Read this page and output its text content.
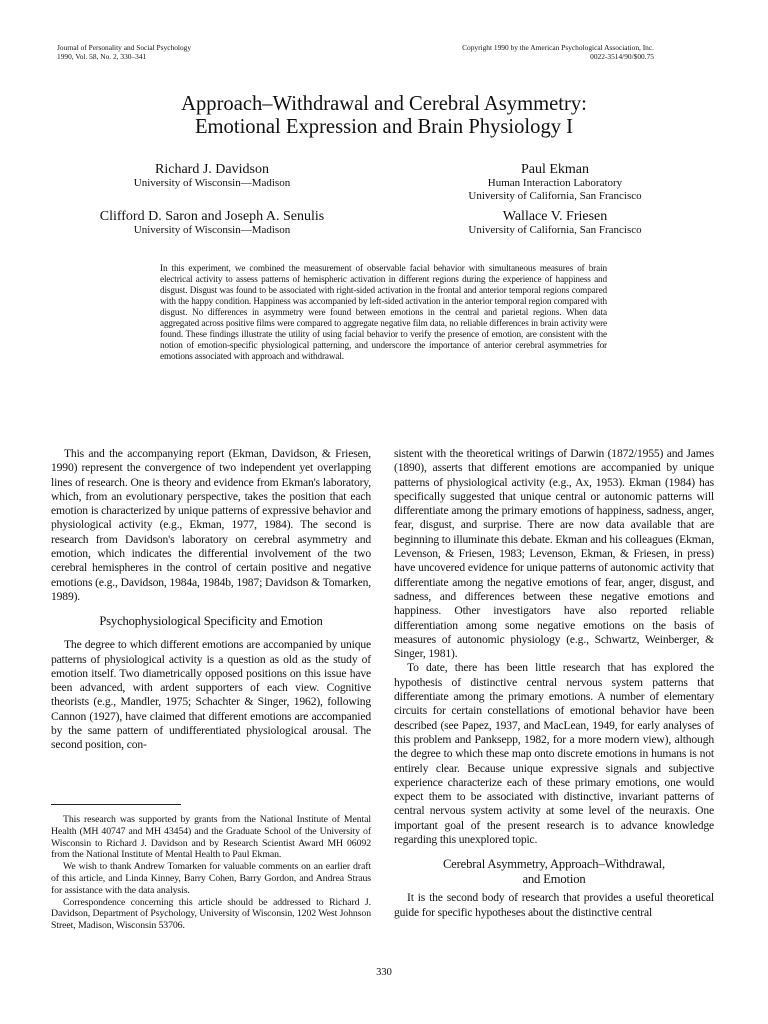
Journal of Personality and Social Psychology
1990, Vol. 58, No. 2, 330–341
Copyright 1990 by the American Psychological Association, Inc.
0022-3514/90/$00.75
Approach–Withdrawal and Cerebral Asymmetry:
Emotional Expression and Brain Physiology I
Richard J. Davidson
University of Wisconsin—Madison
Paul Ekman
Human Interaction Laboratory
University of California, San Francisco
Clifford D. Saron and Joseph A. Senulis
University of Wisconsin—Madison
Wallace V. Friesen
University of California, San Francisco
In this experiment, we combined the measurement of observable facial behavior with simultaneous measures of brain electrical activity to assess patterns of hemispheric activation in different regions during the experience of happiness and disgust. Disgust was found to be associated with right-sided activation in the frontal and anterior temporal regions compared with the happy condition. Happiness was accompanied by left-sided activation in the anterior temporal region compared with disgust. No differences in asymmetry were found between emotions in the central and parietal regions. When data aggregated across positive films were compared to aggregate negative film data, no reliable differences in brain activity were found. These findings illustrate the utility of using facial behavior to verify the presence of emotion, are consistent with the notion of emotion-specific physiological patterning, and underscore the importance of anterior cerebral asymmetries for emotions associated with approach and withdrawal.

This and the accompanying report (Ekman, Davidson, & Friesen, 1990) represent the convergence of two independent yet overlapping lines of research. One is theory and evidence from Ekman's laboratory, which, from an evolutionary perspective, takes the position that each emotion is characterized by unique patterns of expressive behavior and physiological activity (e.g., Ekman, 1977, 1984). The second is research from Davidson's laboratory on cerebral asymmetry and emotion, which indicates the differential involvement of the two cerebral hemispheres in the control of certain positive and negative emotions (e.g., Davidson, 1984a, 1984b, 1987; Davidson & Tomarken, 1989).

Psychophysiological Specificity and Emotion

The degree to which different emotions are accompanied by unique patterns of physiological activity is a question as old as the study of emotion itself. Two diametrically opposed positions on this issue have been advanced, with ardent supporters of each view. Cognitive theorists (e.g., Mandler, 1975; Schachter & Singer, 1962), following Cannon (1927), have claimed that different emotions are accompanied by the same pattern of undifferentiated physiological arousal. The second position, con-

sistent with the theoretical writings of Darwin (1872/1955) and James (1890), asserts that different emotions are accompanied by unique patterns of physiological activity (e.g., Ax, 1953). Ekman (1984) has specifically suggested that unique central or autonomic patterns will differentiate among the primary emotions of happiness, sadness, anger, fear, disgust, and surprise. There are now data available that are beginning to illuminate this debate. Ekman and his colleagues (Ekman, Levenson, & Friesen, 1983; Levenson, Ekman, & Friesen, in press) have uncovered evidence for unique patterns of autonomic activity that differentiate among the negative emotions of fear, anger, disgust, and sadness, and differences between these negative emotions and happiness. Other investigators have also reported reliable differentiation among some negative emotions on the basis of measures of autonomic physiology (e.g., Schwartz, Weinberger, & Singer, 1981).

To date, there has been little research that has explored the hypothesis of distinctive central nervous system patterns that differentiate among the primary emotions. A number of elementary circuits for certain constellations of emotional behavior have been described (see Papez, 1937, and MacLean, 1949, for early analyses of this problem and Panksepp, 1982, for a more modern view), although the degree to which these map onto discrete emotions in humans is not entirely clear. Because unique expressive signals and subjective experience characterize each of these primary emotions, one would expect them to be associated with distinctive, invariant patterns of central nervous system activity at some level of the neuraxis. One important goal of the present research is to advance knowledge regarding this unexplored topic.

Cerebral Asymmetry, Approach–Withdrawal,
and Emotion

It is the second body of research that provides a useful theoretical guide for specific hypotheses about the distinctive central

This research was supported by grants from the National Institute of Mental Health (MH 40747 and MH 43454) and the Graduate School of the University of Wisconsin to Richard J. Davidson and by Research Scientist Award MH 06092 from the National Institute of Mental Health to Paul Ekman.

We wish to thank Andrew Tomarken for valuable comments on an earlier draft of this article, and Linda Kinney, Barry Cohen, Barry Gordon, and Andrea Straus for assistance with the data analysis.

Correspondence concerning this article should be addressed to Richard J. Davidson, Department of Psychology, University of Wisconsin, 1202 West Johnson Street, Madison, Wisconsin 53706.

330
